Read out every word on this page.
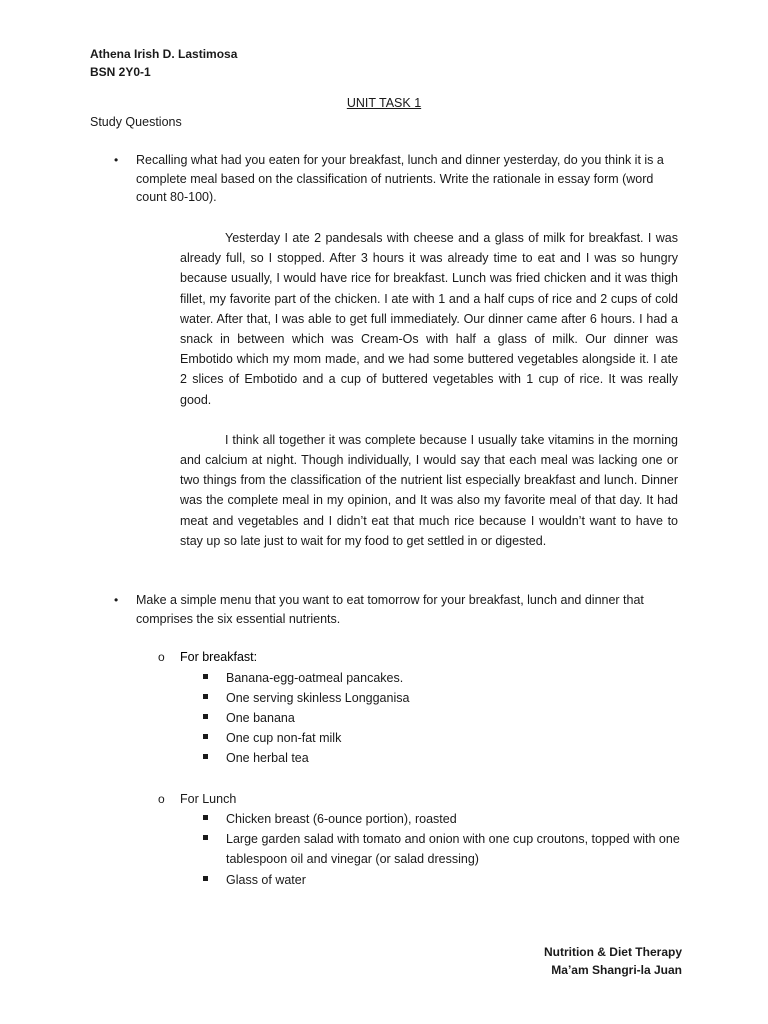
Athena Irish D. Lastimosa
BSN 2Y0-1
UNIT TASK 1
Study Questions
• Recalling what had you eaten for your breakfast, lunch and dinner yesterday, do you think it is a complete meal based on the classification of nutrients. Write the rationale in essay form (word count 80-100).

Yesterday I ate 2 pandesals with cheese and a glass of milk for breakfast. I was already full, so I stopped. After 3 hours it was already time to eat and I was so hungry because usually, I would have rice for breakfast. Lunch was fried chicken and it was thigh fillet, my favorite part of the chicken. I ate with 1 and a half cups of rice and 2 cups of cold water. After that, I was able to get full immediately. Our dinner came after 6 hours. I had a snack in between which was Cream-Os with half a glass of milk. Our dinner was Embotido which my mom made, and we had some buttered vegetables alongside it. I ate 2 slices of Embotido and a cup of buttered vegetables with 1 cup of rice. It was really good.

I think all together it was complete because I usually take vitamins in the morning and calcium at night. Though individually, I would say that each meal was lacking one or two things from the classification of the nutrient list especially breakfast and lunch. Dinner was the complete meal in my opinion, and It was also my favorite meal of that day. It had meat and vegetables and I didn’t eat that much rice because I wouldn’t want to have to stay up so late just to wait for my food to get settled in or digested.

• Make a simple menu that you want to eat tomorrow for your breakfast, lunch and dinner that comprises the six essential nutrients.
o For breakfast:
Banana-egg-oatmeal pancakes.
One serving skinless Longganisa
One banana
One cup non-fat milk
One herbal tea
o For Lunch
Chicken breast (6-ounce portion), roasted
Large garden salad with tomato and onion with one cup croutons, topped with one tablespoon oil and vinegar (or salad dressing)
Glass of water
Nutrition & Diet Therapy
Ma’am Shangri-la Juan
